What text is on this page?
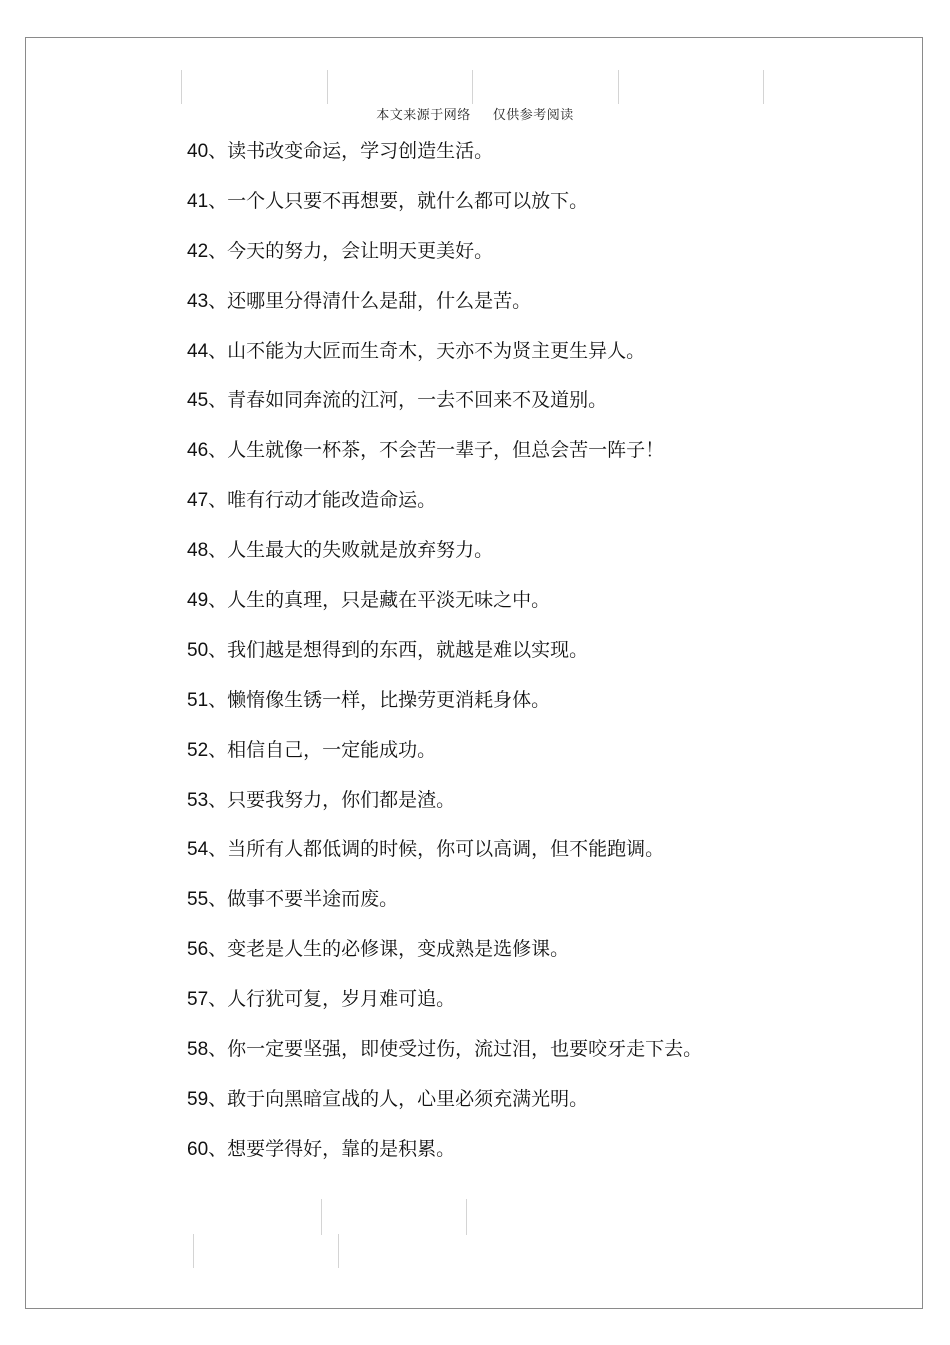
本文来源于网络 仅供参考阅读
40、读书改变命运，学习创造生活。
41、一个人只要不再想要，就什么都可以放下。
42、今天的努力，会让明天更美好。
43、还哪里分得清什么是甜，什么是苦。
44、山不能为大匠而生奇木，天亦不为贤主更生异人。
45、青春如同奔流的江河，一去不回来不及道别。
46、人生就像一杯茶，不会苦一辈子，但总会苦一阵子！
47、唯有行动才能改造命运。
48、人生最大的失败就是放弃努力。
49、人生的真理，只是藏在平淡无味之中。
50、我们越是想得到的东西，就越是难以实现。
51、懒惰像生锈一样，比操劳更消耗身体。
52、相信自己，一定能成功。
53、只要我努力，你们都是渣。
54、当所有人都低调的时候，你可以高调，但不能跑调。
55、做事不要半途而废。
56、变老是人生的必修课，变成熟是选修课。
57、人行犹可复，岁月难可追。
58、你一定要坚强，即使受过伤，流过泪，也要咬牙走下去。
59、敢于向黑暗宣战的人，心里必须充满光明。
60、想要学得好，靠的是积累。
